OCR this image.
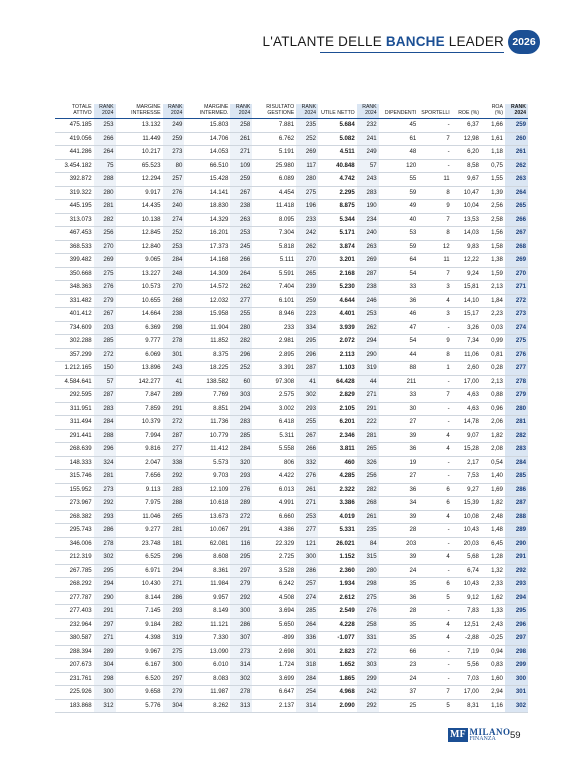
L'ATLANTE DELLE BANCHE LEADER 2026
TOTALE ATTIVO	RANK 2024	MARGINE INTERESSE	RANK 2024	MARGINE INTERMED.	RANK 2024	RISULTATO GESTIONE	RANK 2024	UTILE NETTO	RANK 2024	DIPENDENTI	SPORTELLI	ROE (%)	ROA (%)	RANK 2024
475.185	253	13.132	249	15.803	258	7.881	235	5.684	232	45	-	6,37	1,66	259
419.056	266	11.449	259	14.706	261	6.762	252	5.082	241	61	7	12,98	1,61	260
441.286	264	10.217	273	14.053	271	5.191	269	4.511	249	48	-	6,20	1,18	261
3.454.182	75	65.523	80	66.510	109	25.980	117	40.848	57	120	-	8,58	0,75	262
392.872	288	12.294	257	15.428	259	6.089	280	4.742	243	55	11	9,67	1,55	263
319.322	280	9.917	276	14.141	267	4.454	275	2.295	283	59	8	10,47	1,39	264
445.195	281	14.435	240	18.830	238	11.418	196	8.875	190	49	9	10,04	2,56	265
313.073	282	10.138	274	14.329	263	8.095	233	5.344	234	40	7	13,53	2,58	266
467.453	256	12.845	252	16.201	253	7.304	242	5.171	240	53	8	14,03	1,56	267
368.533	270	12.840	253	17.373	245	5.818	262	3.874	263	59	12	9,83	1,58	268
399.482	269	9.065	284	14.168	266	5.111	270	3.201	269	64	11	12,22	1,38	269
350.668	275	13.227	248	14.309	264	5.591	265	2.168	287	54	7	9,24	1,59	270
348.363	276	10.573	270	14.572	262	7.404	239	5.230	238	33	3	15,81	2,13	271
331.482	279	10.655	268	12.032	277	6.101	259	4.644	246	36	4	14,10	1,84	272
401.412	267	14.664	238	15.958	255	8.946	223	4.401	253	46	3	15,17	2,23	273
734.609	203	6.369	298	11.904	280	233	334	3.939	262	47	-	3,26	0,03	274
302.288	285	9.777	278	11.852	282	2.981	295	2.072	294	54	9	7,34	0,99	275
357.299	272	6.069	301	8.375	296	2.895	296	2.113	290	44	8	11,06	0,81	276
1.212.165	150	13.896	243	18.225	252	3.391	287	1.103	319	88	1	2,60	0,28	277
4.584.641	57	142.277	41	138.582	60	97.308	41	64.428	44	211	-	17,00	2,13	278
292.595	287	7.847	289	7.769	303	2.575	302	2.829	271	33	7	4,63	0,88	279
311.951	283	7.859	291	8.851	294	3.002	293	2.105	291	30	-	4,63	0,96	280
311.494	284	10.379	272	11.736	283	6.418	255	6.201	222	27	-	14,78	2,06	281
291.441	288	7.994	287	10.779	285	5.311	267	2.346	281	39	4	9,07	1,82	282
268.639	296	9.816	277	11.412	284	5.558	266	3.811	265	36	4	15,28	2,08	283
148.333	324	2.047	338	5.573	320	806	332	460	326	19	-	2,17	0,54	284
315.746	281	7.656	292	9.703	293	4.422	276	4.285	256	27	-	7,53	1,40	285
155.952	273	9.113	283	12.109	276	6.013	261	2.322	282	36	6	9,27	1,69	286
273.967	292	7.975	288	10.618	289	4.991	271	3.386	268	34	6	15,39	1,82	287
268.382	293	11.046	265	13.673	272	6.660	253	4.019	261	39	4	10,08	2,48	288
295.743	286	9.277	281	10.067	291	4.386	277	5.331	235	28	-	10,43	1,48	289
346.006	278	23.748	181	62.081	116	22.329	121	26.021	84	203	-	20,03	6,45	290
212.319	302	6.525	296	8.608	295	2.725	300	1.152	315	39	4	5,68	1,28	291
267.785	295	6.971	294	8.361	297	3.528	286	2.360	280	24	-	6,74	1,32	292
268.292	294	10.430	271	11.984	279	6.242	257	1.934	298	35	6	10,43	2,33	293
277.787	290	8.144	286	9.957	292	4.508	274	2.612	275	36	5	9,12	1,62	294
277.403	291	7.145	293	8.149	300	3.694	285	2.549	276	28	-	7,83	1,33	295
232.964	297	9.184	282	11.121	286	5.650	264	4.228	258	35	4	12,51	2,43	296
380.587	271	4.398	319	7.330	307	-899	336	-1.077	331	35	4	-2,88	-0,25	297
288.394	289	9.967	275	13.090	273	2.698	301	2.823	272	66	-	7,19	0,94	298
207.673	304	6.167	300	6.010	314	1.724	318	1.652	303	23	-	5,56	0,83	299
231.761	298	6.520	297	8.083	302	3.699	284	1.865	299	24	-	7,03	1,60	300
225.926	300	9.658	279	11.987	278	6.647	254	4.968	242	37	7	17,00	2,94	301
183.868	312	5.776	304	8.262	313	2.137	314	2.090	292	25	5	8,31	1,16	302
MF MILANO
FINANZA	59
